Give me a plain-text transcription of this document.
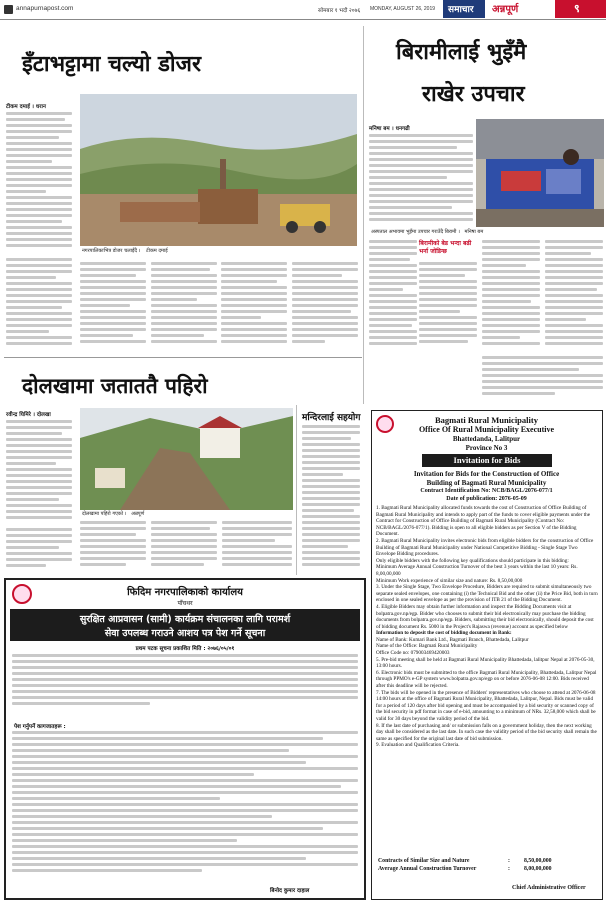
annapurnapost.com	सोमबार १ भदौ २०७६ MONDAY, AUGUST 26, 2019 समाचार अन्नपूर्ण	९
इँटाभट्टामा चल्यो डोजर
टीकम दमाई । धरान
नगरपालिकाभित्र डोजर चलाइँदै । टीकम दमाई
बिरामीलाई भुइँमै
राखेर उपचार
मनिषा बम । धनगढी
अस्पताल अभावमा भुइँमा उपचार गराउँदै बिरामी । मनिषा बम
बिरामीको बेड भन्दा बढी भर्ना जोडिन्छ
दोलखामा जताततै पहिरो
रवीन्द्र घिमिरे । दोलखा
दोलखामा पहिरो गएको । अन्नपूर्ण
मन्दिरलाई सहयोग
फिदिम नगरपालिकाको कार्यालय
पाँचथर
सुरक्षित आप्रवासन (सामी) कार्यक्रम संचालनका लागि परामर्श
सेवा उपलब्ध गराउने आशय पत्र पेश गर्ने सूचना
प्रथम पटक सूचना प्रकाशित मिति : २०७६/०५/०१
पेश गर्नुपर्ने कागजातहरू :
बिनोद कुमार दाहाल
Bagmati Rural Municipality
Office Of Rural Municipality Executive
Bhattedanda, Lalitpur
Province No 3
Invitation for Bids
Invitation for Bids for the Construction of Office
Building of Bagmati Rural Municipality
Contract Identification No: NCB/BAGL/2076-077/1
Date of publication: 2076-05-09
1. Bagmati Rural Municipality allocated funds towards the cost of Construction of Office Building of Bagmati Rural Municipality and intends to apply part of the funds to cover eligible payments under the Contract for Construction of Office Building of Bagmati Rural Municipality (Contract No: NCB/BAGL/2076-077/1). Bidding is open to all eligible bidders as per Section V of the Bidding Document.
2. Bagmati Rural Municipality invites electronic bids from eligible bidders for the construction of Office Building of Bagmati Rural Municipality under National Competitive Bidding - Single Stage Two Envelope Bidding procedures.
Only eligible bidders with the following key qualifications should participate in this bidding:
Minimum Average Annual Construction Turnover of the best 3 years within the last 10 years: Rs. 8,00,00,000
Minimum Work experience of similar size and nature: Rs. 8,50,00,000
3. Under the Single Stage, Two Envelope Procedure, Bidders are required to submit simultaneously two separate sealed envelopes, one containing (i) the Technical Bid and the other (ii) the Price Bid, both in turn enclosed in one sealed envelope as per the provision of ITB 21 of the Bidding Document.
4. Eligible Bidders may obtain further information and inspect the Bidding Documents visit at bolpatra.gov.np/egp. Bidder who chooses to submit their bid electronically may purchase the bidding documents from bolpatra.gov.np/egp. Bidders, submitting their bid electronically, should deposit the cost of bidding document Rs. 5000 in the Project's Rajaswa (revenue) account as specified below
Information to deposit the cost of bidding document in Bank:
Name of Bank: Kumari Bank Ltd., Bagmati Branch, Bhattedada, Lalitpur
Name of the Office: Bagmati Rural Municipality
Office Code no: 079003469420003
5. Pre-bid meeting shall be held at Bagmati Rural Municipality Bhattedada, lalitpur Nepal at 2076-05-30, 13:00 hours.
6. Electronic bids must be submitted to the office Bagmati Rural Municipality, Bhattedada, Lalitpur Nepal through PPMO's e-GP system www.bolpatra.gov.np/egp on or before 2076-06-08 12:00. Bids received after this deadline will be rejected.
7. The bids will be opened in the presence of Bidders' representatives who choose to attend at 2076-06-08 14:00 hours at the office of Bagmati Rural Municipality, Bhattedada, Lalitpur, Nepal. Bids must be valid for a period of 120 days after bid opening and must be accompanied by a bid security or scanned copy of the bid security in pdf format in case of e-bid, amounting to a minimum of NRs. 32,58,000 which shall be valid for 30 days beyond the validity period of the bid.
8. If the last date of purchasing and/ or submission falls on a government holiday, then the next working day shall be considered as the last date. In such case the validity period of the bid security shall remain the same as specified for the original last date of bid submission.
9. Evaluation and Qualification Criteria.
Contracts of Similar Size and Nature	:	8,50,00,000
Average Annual Construction Turnover	:	8,00,00,000
Chief Administrative Officer
